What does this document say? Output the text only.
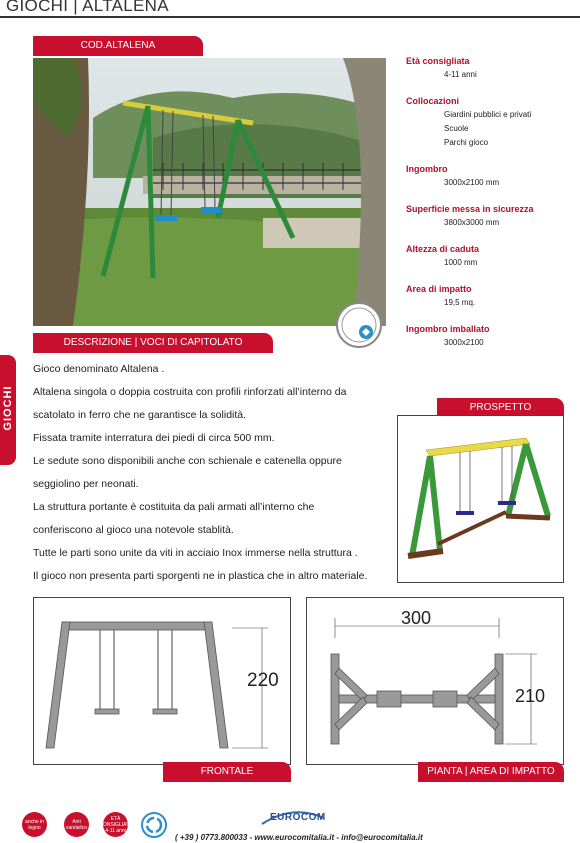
GIOCHI | ALTALENA
COD.ALTALENA
Età consigliata
4-11 anni
Collocazioni
Giardini pubblici e privati
Scuole
Parchi gioco
Ingombro
3000x2100 mm
Superficie messa in sicurezza
3800x3000 mm
Altezza di caduta
1000 mm
Area di impatto
19,5 mq.
Ingombro imballato
3000x2100
DESCRIZIONE | VOCI DI CAPITOLATO

Gioco denominato Altalena .

Altalena singola o doppia costruita con profili rinforzati all’interno da

scatolato in ferro che ne garantisce la solidità.

Fissata tramite interratura dei piedi di circa 500 mm.

Le sedute sono disponibili anche con schienale e catenella oppure

seggiolino per neonati.

La struttura portante è costituita da pali armati all’interno che

conferiscono al gioco una notevole stablità.

Tutte le parti sono unite da viti in acciaio Inox immerse nella struttura .

Il gioco non presenta parti sporgenti ne in plastica che in altro materiale.

GIOCHI	PROSPETTO
220
FRONTALE
300
210
PIANTA | AREA DI IMPATTO
anche in legno
Anti vandalico
ETÀ CONSIGLIATA 4-11 anni
EUROCOM
( +39 ) 0773.800033 - www.eurocomitalia.it - info@eurocomitalia.it
